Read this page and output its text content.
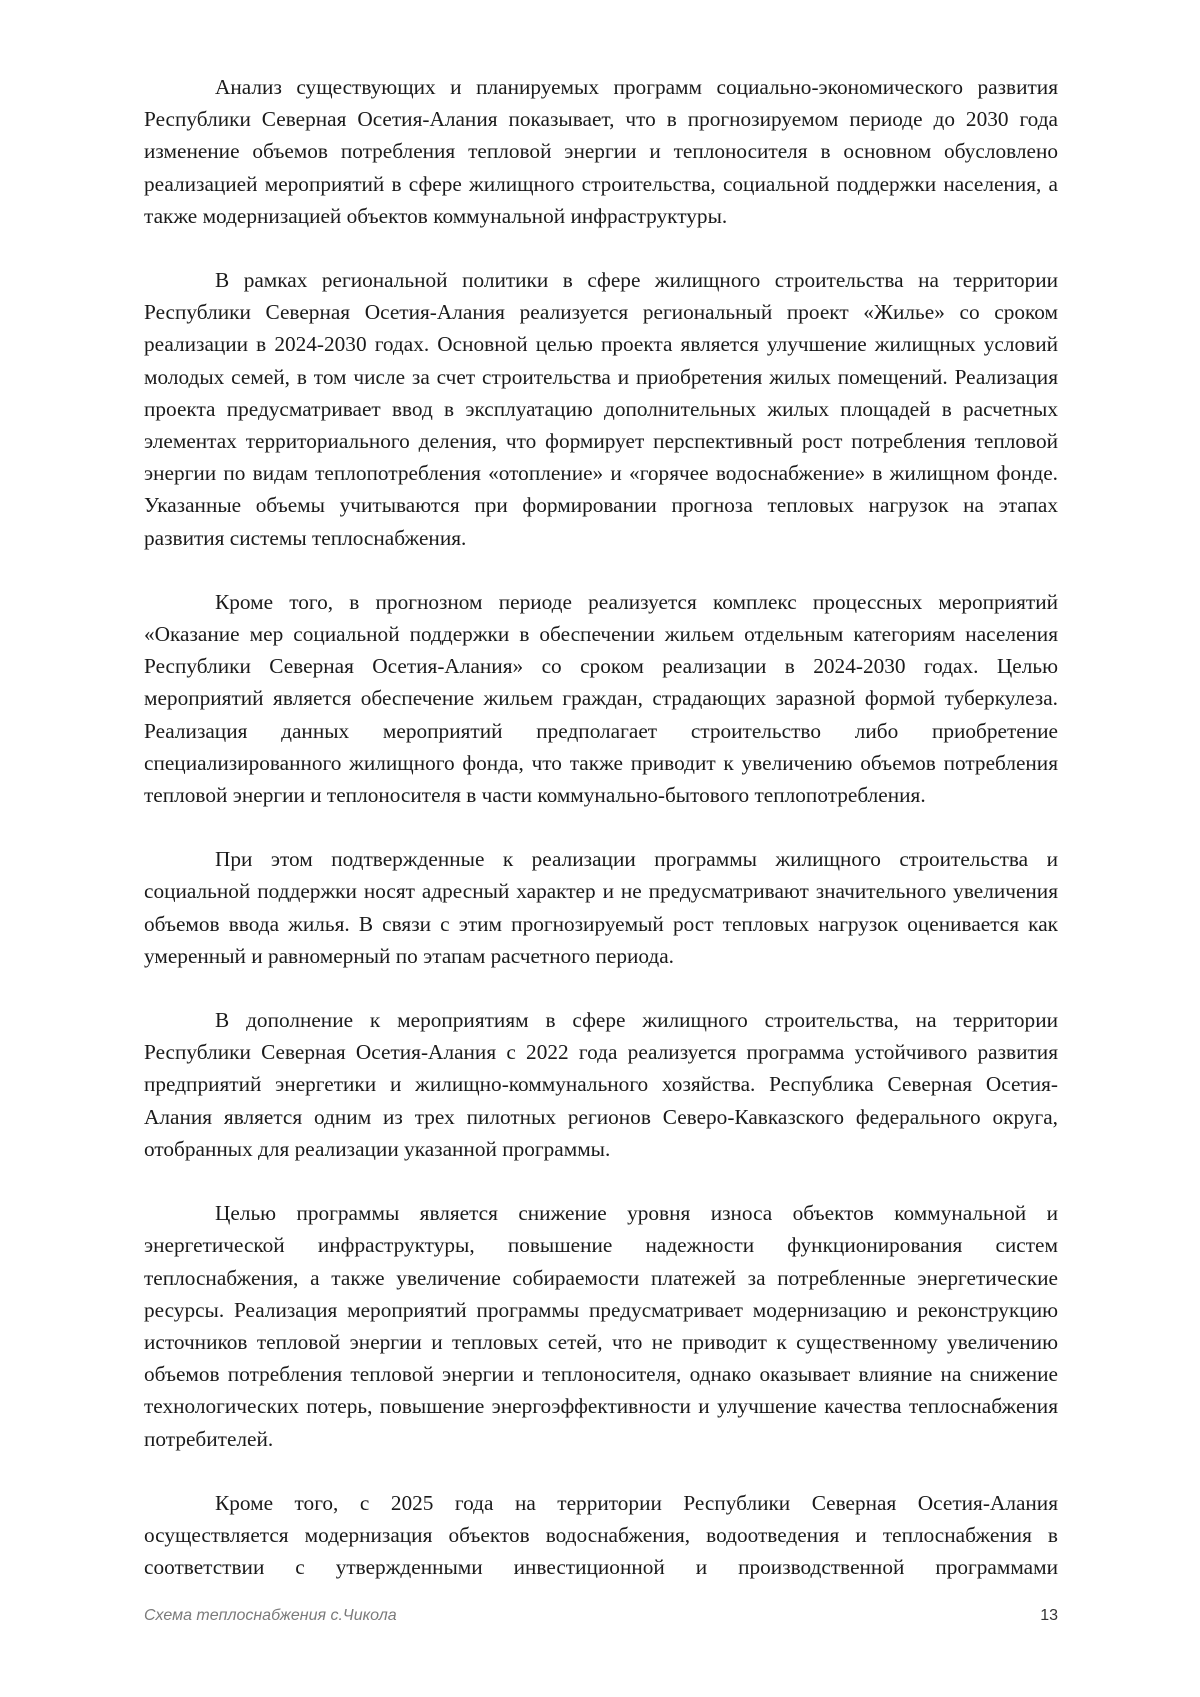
Анализ существующих и планируемых программ социально-экономического развития Республики Северная Осетия-Алания показывает, что в прогнозируемом периоде до 2030 года изменение объемов потребления тепловой энергии и теплоносителя в основном обусловлено реализацией мероприятий в сфере жилищного строительства, социальной поддержки населения, а также модернизацией объектов коммунальной инфраструктуры.

В рамках региональной политики в сфере жилищного строительства на территории Республики Северная Осетия-Алания реализуется региональный проект «Жилье» со сроком реализации в 2024-2030 годах. Основной целью проекта является улучшение жилищных условий молодых семей, в том числе за счет строительства и приобретения жилых помещений. Реализация проекта предусматривает ввод в эксплуатацию дополнительных жилых площадей в расчетных элементах территориального деления, что формирует перспективный рост потребления тепловой энергии по видам теплопотребления «отопление» и «горячее водоснабжение» в жилищном фонде. Указанные объемы учитываются при формировании прогноза тепловых нагрузок на этапах развития системы теплоснабжения.

Кроме того, в прогнозном периоде реализуется комплекс процессных мероприятий «Оказание мер социальной поддержки в обеспечении жильем отдельным категориям населения Республики Северная Осетия-Алания» со сроком реализации в 2024-2030 годах. Целью мероприятий является обеспечение жильем граждан, страдающих заразной формой туберкулеза. Реализация данных мероприятий предполагает строительство либо приобретение специализированного жилищного фонда, что также приводит к увеличению объемов потребления тепловой энергии и теплоносителя в части коммунально-бытового теплопотребления.

При этом подтвержденные к реализации программы жилищного строительства и социальной поддержки носят адресный характер и не предусматривают значительного увеличения объемов ввода жилья. В связи с этим прогнозируемый рост тепловых нагрузок оценивается как умеренный и равномерный по этапам расчетного периода.

В дополнение к мероприятиям в сфере жилищного строительства, на территории Республики Северная Осетия-Алания с 2022 года реализуется программа устойчивого развития предприятий энергетики и жилищно-коммунального хозяйства. Республика Северная Осетия-Алания является одним из трех пилотных регионов Северо-Кавказского федерального округа, отобранных для реализации указанной программы.

Целью программы является снижение уровня износа объектов коммунальной и энергетической инфраструктуры, повышение надежности функционирования систем теплоснабжения, а также увеличение собираемости платежей за потребленные энергетические ресурсы. Реализация мероприятий программы предусматривает модернизацию и реконструкцию источников тепловой энергии и тепловых сетей, что не приводит к существенному увеличению объемов потребления тепловой энергии и теплоносителя, однако оказывает влияние на снижение технологических потерь, повышение энергоэффективности и улучшение качества теплоснабжения потребителей.

Кроме того, с 2025 года на территории Республики Северная Осетия-Алания осуществляется модернизация объектов водоснабжения, водоотведения и теплоснабжения в соответствии с утвержденными инвестиционной и производственной программами

Схема теплоснабжения с.Чикола	13
